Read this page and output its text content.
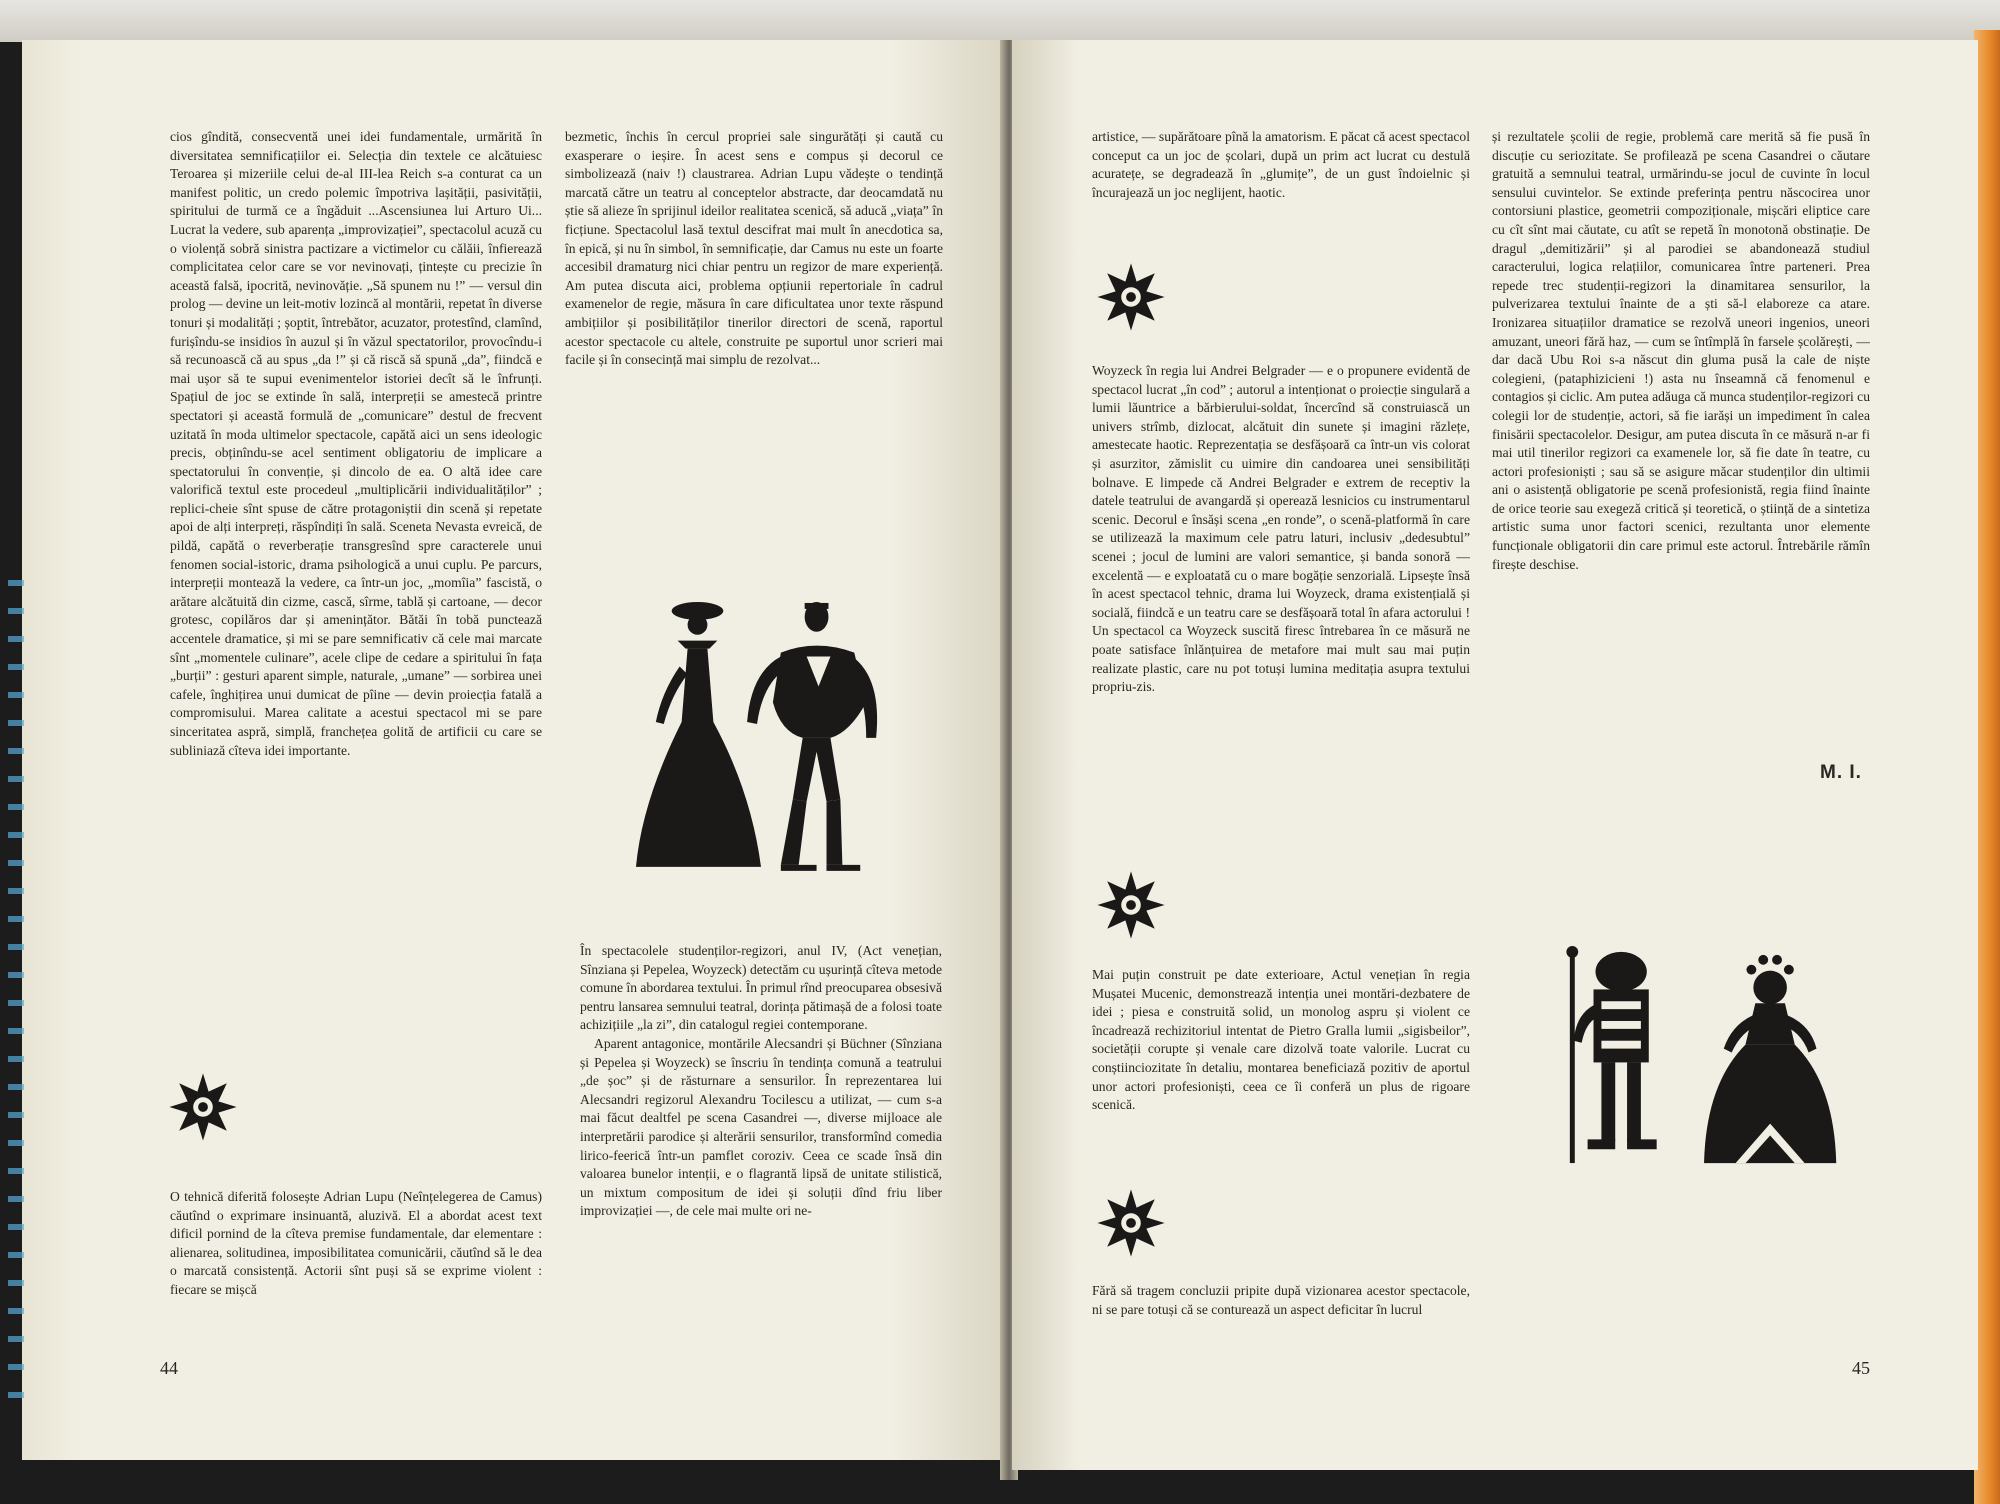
cios gîndită, consecventă unei idei fundamentale, urmărită în diversitatea semnificațiilor ei. Selecția din textele ce alcătuiesc Teroarea și mizeriile celui de-al III-lea Reich s-a conturat ca un manifest politic, un credo polemic împotriva lașității, pasivității, spiritului de turmă ce a îngăduit ...Ascensiunea lui Arturo Ui... Lucrat la vedere, sub aparența „improvizației”, spectacolul acuză cu o violență sobră sinistra pactizare a victimelor cu călăii, înfierează complicitatea celor care se vor nevinovați, țintește cu precizie în această falsă, ipocrită, nevinovăție. „Să spunem nu !” — versul din prolog — devine un leit-motiv lozincă al montării, repetat în diverse tonuri și modalități ; șoptit, întrebător, acuzator, protestînd, clamînd, furișîndu-se insidios în auzul și în văzul spectatorilor, provocîndu-i să recunoască că au spus „da !” și că riscă să spună „da”, fiindcă e mai ușor să te supui evenimentelor istoriei decît să le înfrunți. Spațiul de joc se extinde în sală, interpreții se amestecă printre spectatori și această formulă de „comunicare” destul de frecvent uzitată în moda ultimelor spectacole, capătă aici un sens ideologic precis, obținîndu-se acel sentiment obligatoriu de implicare a spectatorului în convenție, și dincolo de ea. O altă idee care valorifică textul este procedeul „multiplicării individualităților” ; replici-cheie sînt spuse de către protagoniștii din scenă și repetate apoi de alți interpreți, răspîndiți în sală. Sceneta Nevasta evreică, de pildă, capătă o reverberație transgresînd spre caracterele unui fenomen social-istoric, drama psihologică a unui cuplu. Pe parcurs, interpreții montează la vedere, ca într-un joc, „momîia” fascistă, o arătare alcătuită din cizme, cască, sîrme, tablă și cartoane, — decor grotesc, copilăros dar și amenințător. Bătăi în tobă punctează accentele dramatice, și mi se pare semnificativ că cele mai marcate sînt „momentele culinare”, acele clipe de cedare a spiritului în fața „burții” : gesturi aparent simple, naturale, „umane” — sorbirea unei cafele, înghițirea unui dumicat de pîine — devin proiecția fatală a compromisului. Marea calitate a acestui spectacol mi se pare sinceritatea aspră, simplă, franchețea golită de artificii cu care se subliniază cîteva idei importante.

O tehnică diferită folosește Adrian Lupu (Neînțelegerea de Camus) căutînd o exprimare insinuantă, aluzivă. El a abordat acest text dificil pornind de la cîteva premise fundamentale, dar elementare : alienarea, solitudinea, imposibilitatea comunicării, căutînd să le dea o marcată consistență. Actorii sînt puși să se exprime violent : fiecare se mișcă

bezmetic, închis în cercul propriei sale singurătăți și caută cu exasperare o ieșire. În acest sens e compus și decorul ce simbolizează (naiv !) claustrarea. Adrian Lupu vădește o tendință marcată către un teatru al conceptelor abstracte, dar deocamdată nu știe să alieze în sprijinul ideilor realitatea scenică, să aducă „viața” în ficțiune. Spectacolul lasă textul descifrat mai mult în anecdotica sa, în epică, și nu în simbol, în semnificație, dar Camus nu este un foarte accesibil dramaturg nici chiar pentru un regizor de mare experiență. Am putea discuta aici, problema opțiunii repertoriale în cadrul examenelor de regie, măsura în care dificultatea unor texte răspund ambițiilor și posibilităților tinerilor directori de scenă, raportul acestor spectacole cu altele, construite pe suportul unor scrieri mai facile și în consecință mai simplu de rezolvat...

În spectacolele studenților-regizori, anul IV, (Act venețian, Sînziana și Pepelea, Woyzeck) detectăm cu ușurință cîteva metode comune în abordarea textului. În primul rînd preocuparea obsesivă pentru lansarea semnului teatral, dorința pătimașă de a folosi toate achizițiile „la zi”, din catalogul regiei contemporane.

Aparent antagonice, montările Alecsandri și Büchner (Sînziana și Pepelea și Woyzeck) se înscriu în tendința comună a teatrului „de șoc” și de răsturnare a sensurilor. În reprezentarea lui Alecsandri regizorul Alexandru Tocilescu a utilizat, — cum s-a mai făcut dealtfel pe scena Casandrei —, diverse mijloace ale interpretării parodice și alterării sensurilor, transformînd comedia lirico-feerică într-un pamflet coroziv. Ceea ce scade însă din valoarea bunelor intenții, e o flagrantă lipsă de unitate stilistică, un mixtum compositum de idei și soluții dînd friu liber improvizației —, de cele mai multe ori ne-

44

artistice, — supărătoare pînă la amatorism. E păcat că acest spectacol conceput ca un joc de școlari, după un prim act lucrat cu destulă acuratețe, se degradează în „glumițe”, de un gust îndoielnic și încurajează un joc neglijent, haotic.

Woyzeck în regia lui Andrei Belgrader — e o propunere evidentă de spectacol lucrat „în cod” ; autorul a intenționat o proiecție singulară a lumii lăuntrice a bărbierului-soldat, încercînd să construiască un univers strîmb, dizlocat, alcătuit din sunete și imagini răzlețe, amestecate haotic. Reprezentația se desfășoară ca într-un vis colorat și asurzitor, zămislit cu uimire din candoarea unei sensibilități bolnave. E limpede că Andrei Belgrader e extrem de receptiv la datele teatrului de avangardă și operează lesnicios cu instrumentarul scenic. Decorul e însăși scena „en ronde”, o scenă-platformă în care se utilizează la maximum cele patru laturi, inclusiv „dedesubtul” scenei ; jocul de lumini are valori semantice, și banda sonoră — excelentă — e exploatată cu o mare bogăție senzorială. Lipsește însă în acest spectacol tehnic, drama lui Woyzeck, drama existențială și socială, fiindcă e un teatru care se desfășoară total în afara actorului ! Un spectacol ca Woyzeck suscită firesc întrebarea în ce măsură ne poate satisface înlănțuirea de metafore mai mult sau mai puțin realizate plastic, care nu pot totuși lumina meditația asupra textului propriu-zis.

Mai puțin construit pe date exterioare, Actul venețian în regia Mușatei Mucenic, demonstrează intenția unei montări-dezbatere de idei ; piesa e construită solid, un monolog aspru și violent ce încadrează rechizitoriul intentat de Pietro Gralla lumii „sigisbeilor”, societății corupte și venale care dizolvă toate valorile. Lucrat cu conștiinciozitate în detaliu, montarea beneficiază pozitiv de aportul unor actori profesioniști, ceea ce îi conferă un plus de rigoare scenică.

Fără să tragem concluzii pripite după vizionarea acestor spectacole, ni se pare totuși că se conturează un aspect deficitar în lucrul

și rezultatele școlii de regie, problemă care merită să fie pusă în discuție cu seriozitate. Se profilează pe scena Casandrei o căutare gratuită a semnului teatral, urmărindu-se jocul de cuvinte în locul sensului cuvintelor. Se extinde preferința pentru născocirea unor contorsiuni plastice, geometrii compoziționale, mișcări eliptice care cu cît sînt mai căutate, cu atît se repetă în monotonă obstinație. De dragul „demitizării” și al parodiei se abandonează studiul caracterului, logica relațiilor, comunicarea între parteneri. Prea repede trec studenții-regizori la dinamitarea sensurilor, la pulverizarea textului înainte de a ști să-l elaboreze ca atare. Ironizarea situațiilor dramatice se rezolvă uneori ingenios, uneori amuzant, uneori fără haz, — cum se întîmplă în farsele școlărești, — dar dacă Ubu Roi s-a născut din gluma pusă la cale de niște colegieni, (pataphizicieni !) asta nu înseamnă că fenomenul e contagios și ciclic. Am putea adăuga că munca studenților-regizori cu colegii lor de studenție, actori, să fie iarăși un impediment în calea finisării spectacolelor. Desigur, am putea discuta în ce măsură n-ar fi mai util tinerilor regizori ca examenele lor, să fie date în teatre, cu actori profesioniști ; sau să se asigure măcar studenților din ultimii ani o asistență obligatorie pe scenă profesionistă, regia fiind înainte de orice teorie sau exegeză critică și teoretică, o știință de a sintetiza artistic suma unor factori scenici, rezultanta unor elemente funcționale obligatorii din care primul este actorul. Întrebările rămîn firește deschise.

M. I.
45
